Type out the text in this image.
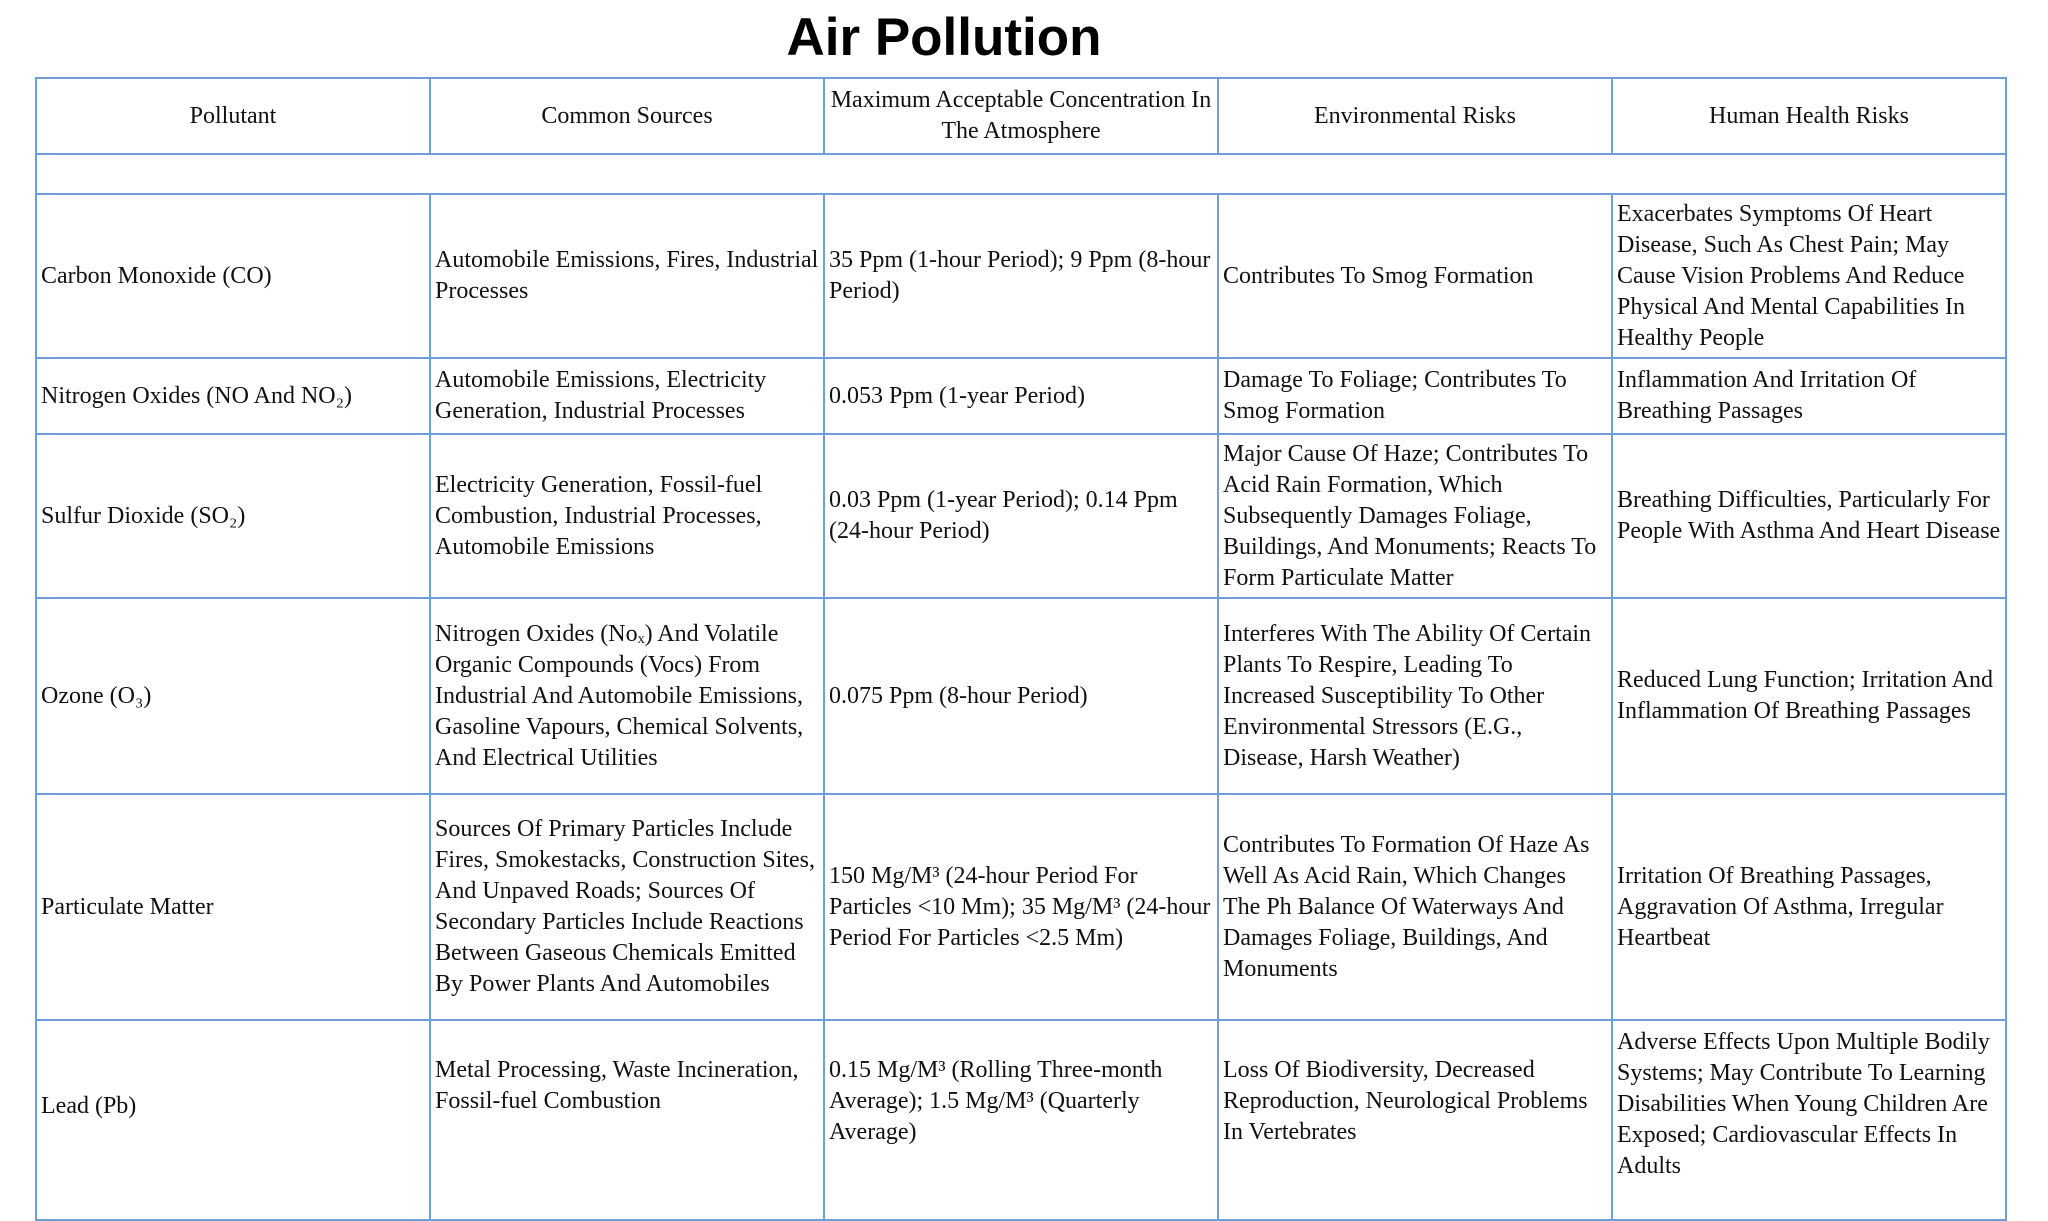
Air Pollution
Pollutant	Common Sources	Maximum Acceptable Concentration In The Atmosphere	Environmental Risks	Human Health Risks

Carbon Monoxide (CO)	Automobile Emissions, Fires, Industrial Processes	35 Ppm (1-hour Period); 9 Ppm (8-hour Period)	Contributes To Smog Formation	Exacerbates Symptoms Of Heart Disease, Such As Chest Pain; May Cause Vision Problems And Reduce Physical And Mental Capabilities In Healthy People
Nitrogen Oxides (NO And NO₂)	Automobile Emissions, Electricity Generation, Industrial Processes	0.053 Ppm (1-year Period)	Damage To Foliage; Contributes To Smog Formation	Inflammation And Irritation Of Breathing Passages
Sulfur Dioxide (SO₂)	Electricity Generation, Fossil-fuel Combustion, Industrial Processes, Automobile Emissions	0.03 Ppm (1-year Period); 0.14 Ppm (24-hour Period)	Major Cause Of Haze; Contributes To Acid Rain Formation, Which Subsequently Damages Foliage, Buildings, And Monuments; Reacts To Form Particulate Matter	Breathing Difficulties, Particularly For People With Asthma And Heart Disease
Ozone (O₃)	Nitrogen Oxides (Noₓ) And Volatile Organic Compounds (Vocs) From Industrial And Automobile Emissions, Gasoline Vapours, Chemical Solvents, And Electrical Utilities	0.075 Ppm (8-hour Period)	Interferes With The Ability Of Certain Plants To Respire, Leading To Increased Susceptibility To Other Environmental Stressors (E.G., Disease, Harsh Weather)	Reduced Lung Function; Irritation And Inflammation Of Breathing Passages
Particulate Matter	Sources Of Primary Particles Include Fires, Smokestacks, Construction Sites, And Unpaved Roads; Sources Of Secondary Particles Include Reactions Between Gaseous Chemicals Emitted By Power Plants And Automobiles	150 Mg/M³ (24-hour Period For Particles <10 Mm); 35 Mg/M³ (24-hour Period For Particles <2.5 Mm)	Contributes To Formation Of Haze As Well As Acid Rain, Which Changes The Ph Balance Of Waterways And Damages Foliage, Buildings, And Monuments	Irritation Of Breathing Passages, Aggravation Of Asthma, Irregular Heartbeat
Lead (Pb)	Metal Processing, Waste Incineration, Fossil-fuel Combustion	0.15 Mg/M³ (Rolling Three-month Average); 1.5 Mg/M³ (Quarterly Average)	Loss Of Biodiversity, Decreased Reproduction, Neurological Problems In Vertebrates	Adverse Effects Upon Multiple Bodily Systems; May Contribute To Learning Disabilities When Young Children Are Exposed; Cardiovascular Effects In Adults
